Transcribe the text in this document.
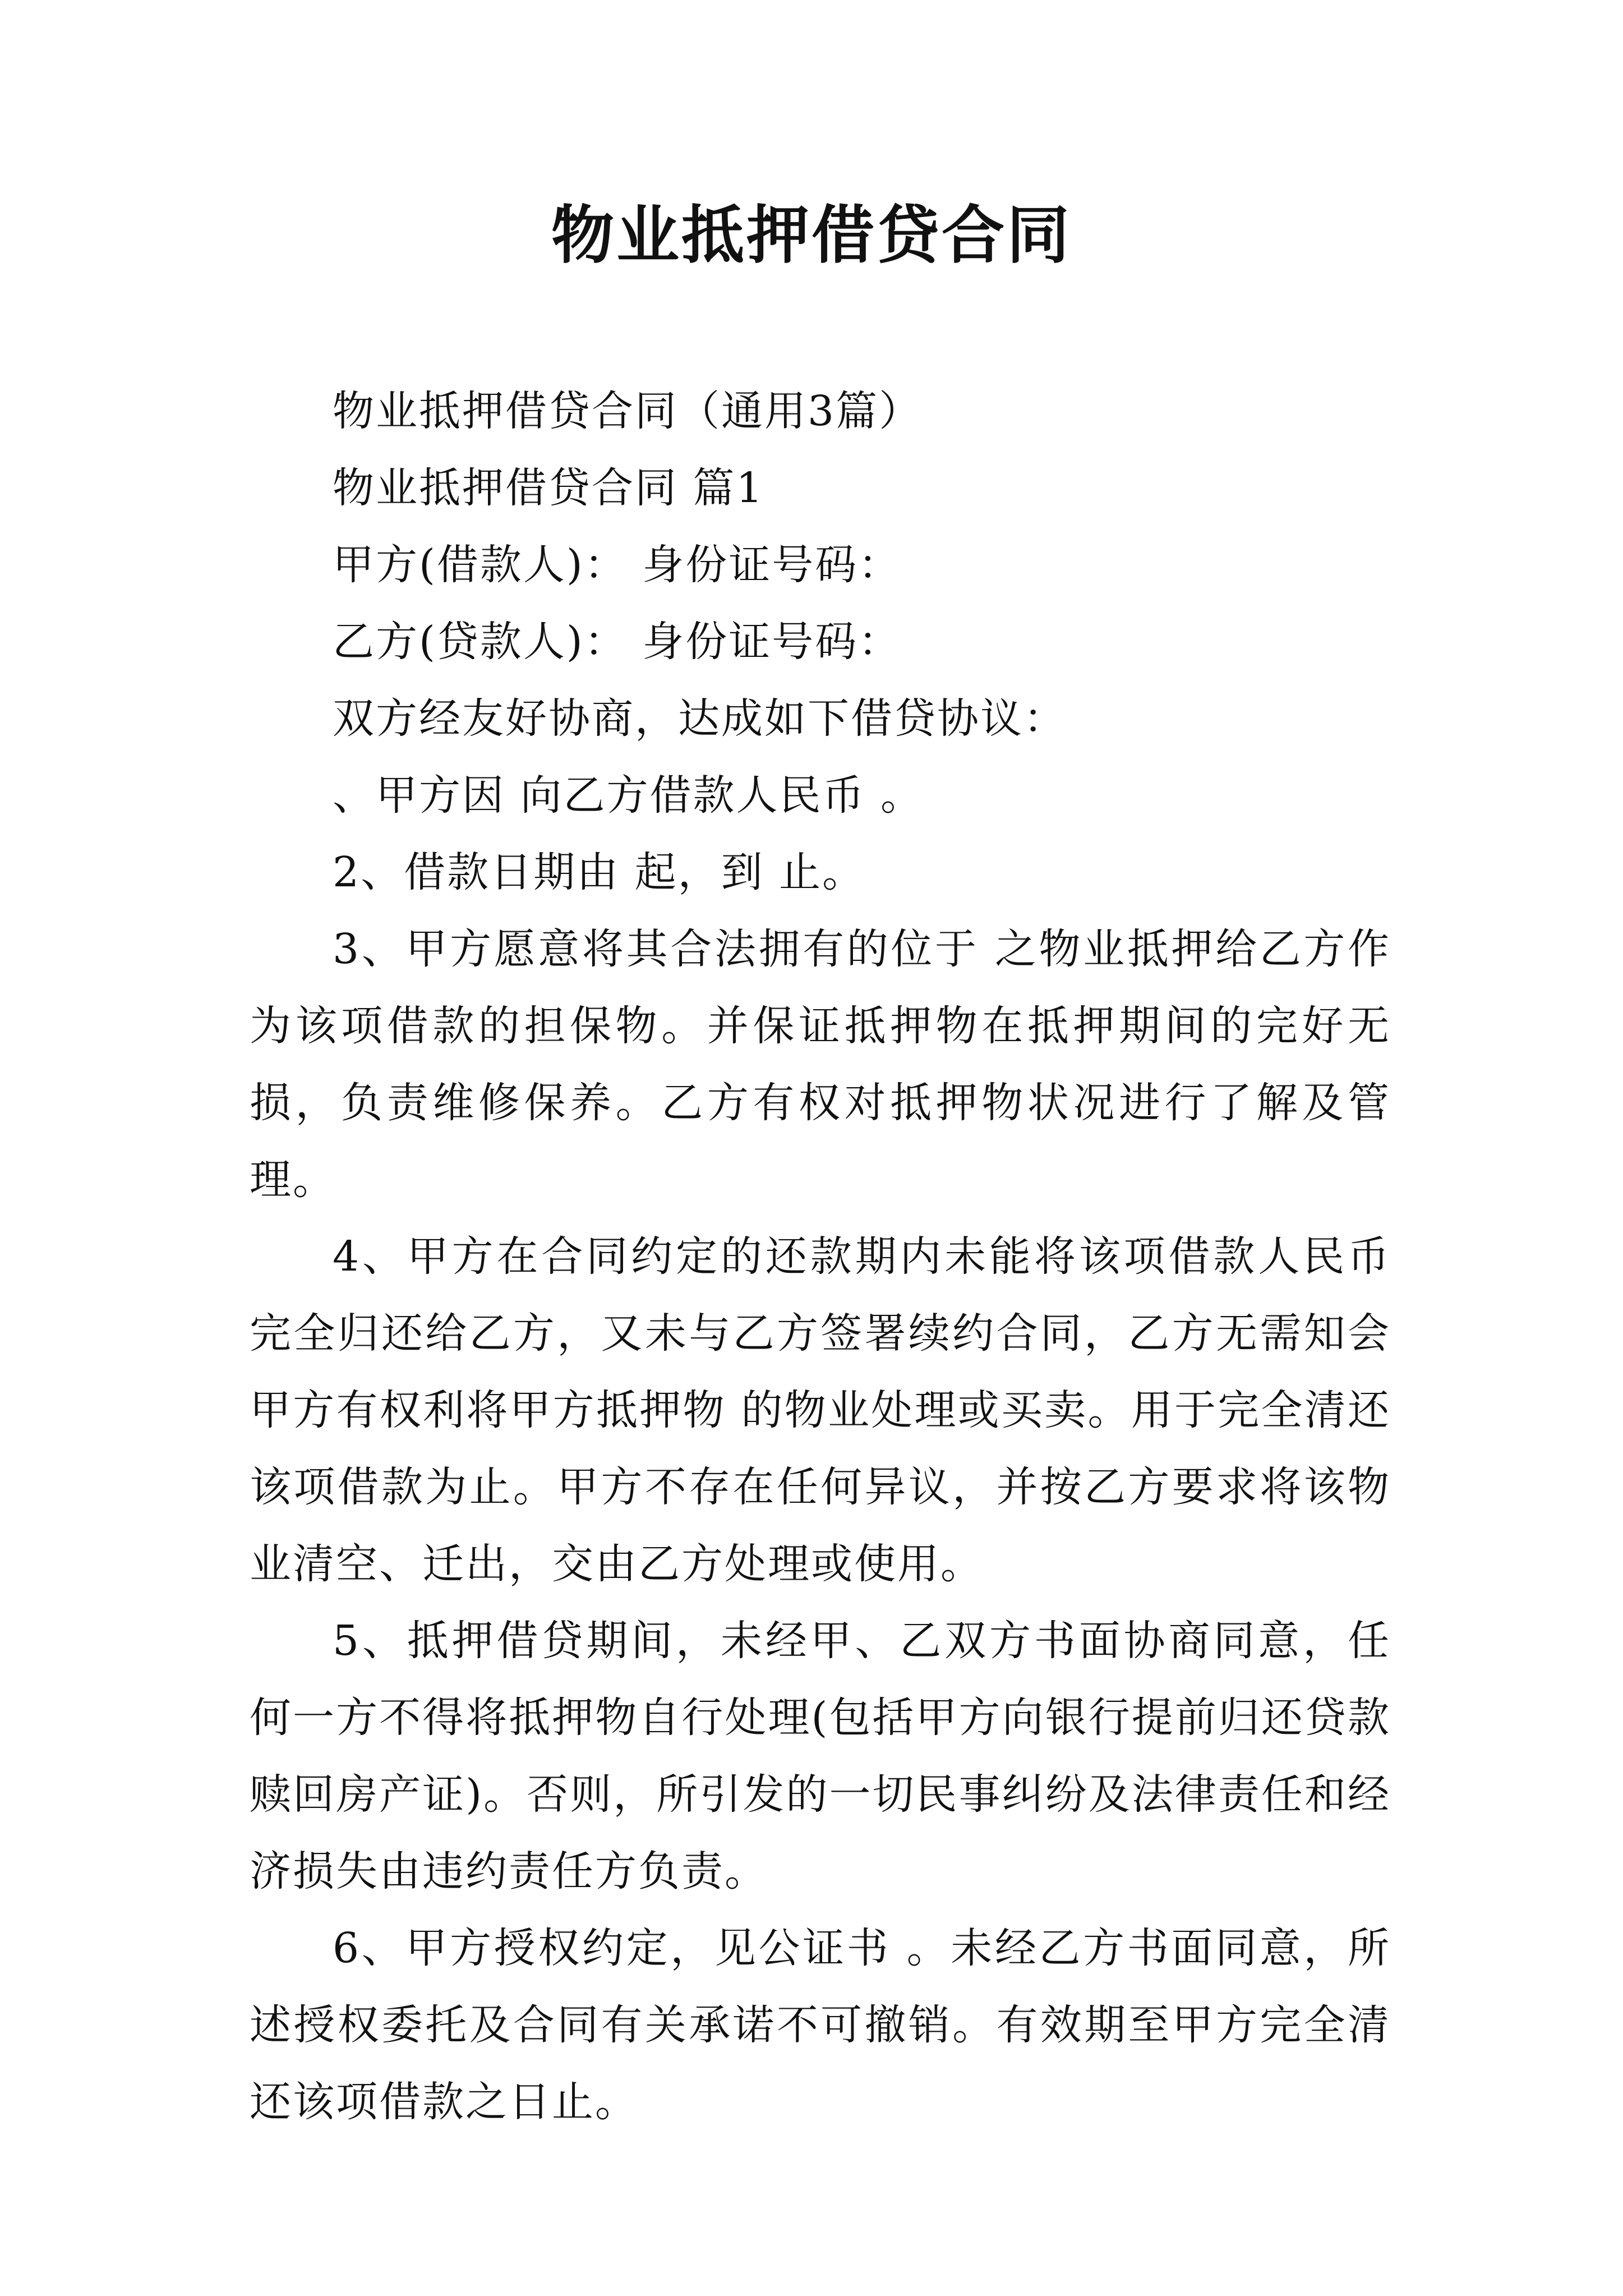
物业抵押借贷合同

物业抵押借贷合同（通用3篇）

物业抵押借贷合同 篇1

甲方(借款人)： 身份证号码：

乙方(贷款人)： 身份证号码：

双方经友好协商，达成如下借贷协议：

、甲方因 向乙方借款人民币 。

2、借款日期由 起，到 止。

3、甲方愿意将其合法拥有的位于 之物业抵押给乙方作为该项借款的担保物。并保证抵押物在抵押期间的完好无损，负责维修保养。乙方有权对抵押物状况进行了解及管理。

4、甲方在合同约定的还款期内未能将该项借款人民币完全归还给乙方，又未与乙方签署续约合同，乙方无需知会甲方有权利将甲方抵押物 的物业处理或买卖。用于完全清还该项借款为止。甲方不存在任何异议，并按乙方要求将该物业清空、迁出，交由乙方处理或使用。

5、抵押借贷期间，未经甲、乙双方书面协商同意，任何一方不得将抵押物自行处理(包括甲方向银行提前归还贷款赎回房产证)。否则，所引发的一切民事纠纷及法律责任和经济损失由违约责任方负责。

6、甲方授权约定，见公证书 。未经乙方书面同意，所述授权委托及合同有关承诺不可撤销。有效期至甲方完全清还该项借款之日止。
